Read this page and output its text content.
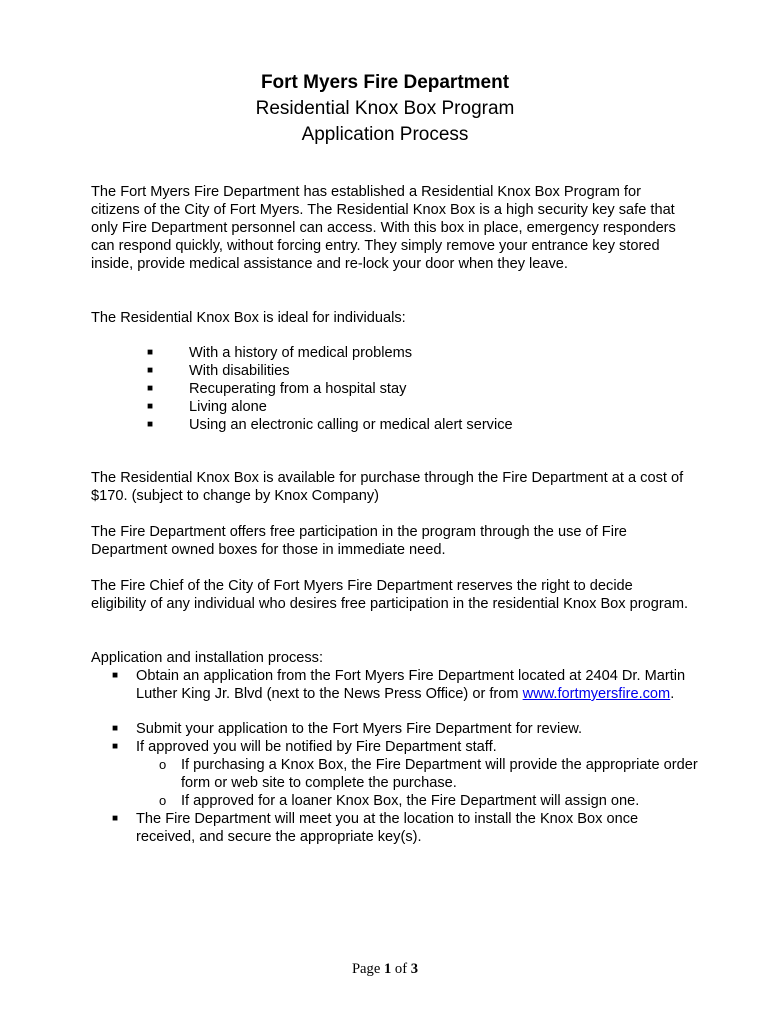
Fort Myers Fire Department
Residential Knox Box Program
Application Process
The Fort Myers Fire Department has established a Residential Knox Box Program for citizens of the City of Fort Myers. The Residential Knox Box is a high security key safe that only Fire Department personnel can access. With this box in place, emergency responders can respond quickly, without forcing entry. They simply remove your entrance key stored inside, provide medical assistance and re-lock your door when they leave.
The Residential Knox Box is ideal for individuals:
■
With a history of medical problems
■
With disabilities
■
Recuperating from a hospital stay
■
Living alone
■
Using an electronic calling or medical alert service
The Residential Knox Box is available for purchase through the Fire Department at a cost of $170. (subject to change by Knox Company)
The Fire Department offers free participation in the program through the use of Fire Department owned boxes for those in immediate need.
The Fire Chief of the City of Fort Myers Fire Department reserves the right to decide eligibility of any individual who desires free participation in the residential Knox Box program.
Application and installation process:
■
Obtain an application from the Fort Myers Fire Department located at 2404 Dr. Martin Luther King Jr. Blvd (next to the News Press Office) or from www.fortmyersfire.com.
■
Submit your application to the Fort Myers Fire Department for review.
■
If approved you will be notified by Fire Department staff.
o If purchasing a Knox Box, the Fire Department will provide the appropriate order form or web site to complete the purchase.
o If approved for a loaner Knox Box, the Fire Department will assign one.
■
The Fire Department will meet you at the location to install the Knox Box once received, and secure the appropriate key(s).
Page 1 of 3
